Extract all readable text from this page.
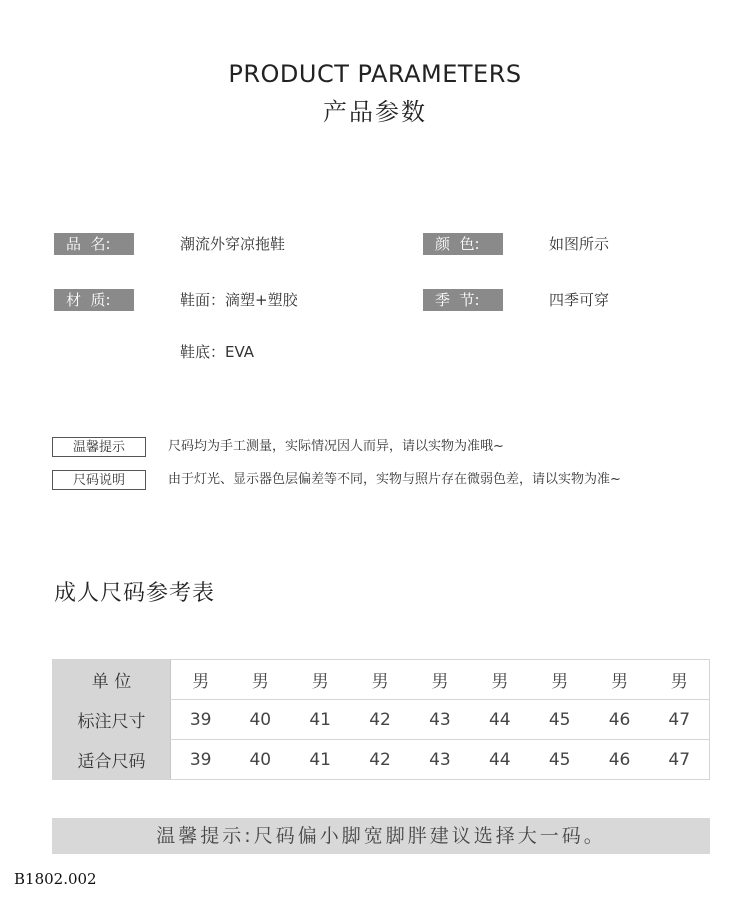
PRODUCT PARAMETERS
产品参数
品  名:	潮流外穿凉拖鞋	颜  色:	如图所示
材  质:	鞋面：滴塑+塑胶
鞋底：EVA
季  节:	四季可穿
温馨提示	尺码均为手工测量，实际情况因人而异，请以实物为准哦~
尺码说明	由于灯光、显示器色层偏差等不同，实物与照片存在微弱色差，请以实物为准~
成人尺码参考表
单 位	男	男	男	男	男	男	男	男	男
标注尺寸	39	40	41	42	43	44	45	46	47
适合尺码	39	40	41	42	43	44	45	46	47
温馨提示:尺码偏小脚宽脚胖建议选择大一码。
B1802.002
